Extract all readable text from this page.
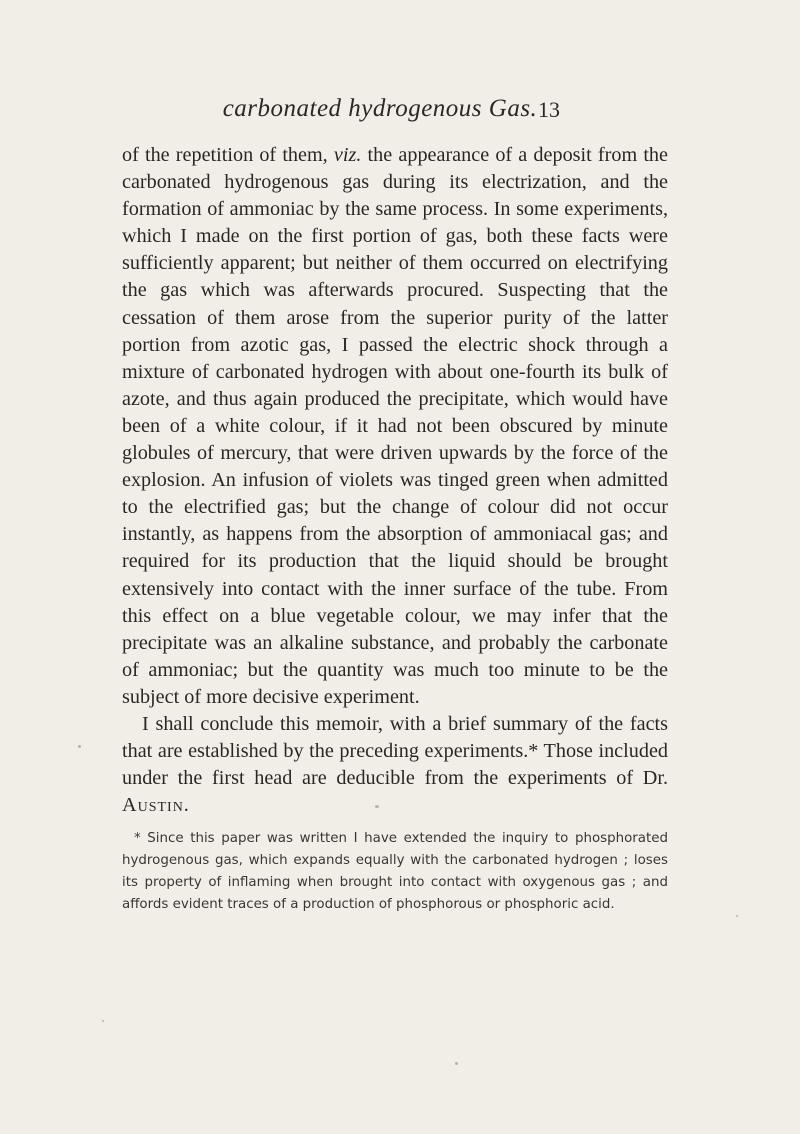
carbonated hydrogenous Gas. 13

of the repetition of them, viz. the appearance of a deposit from the carbonated hydrogenous gas during its electrization, and the formation of ammoniac by the same process. In some experiments, which I made on the first portion of gas, both these facts were sufficiently apparent; but neither of them occurred on electrifying the gas which was afterwards procured. Suspecting that the cessation of them arose from the superior purity of the latter portion from azotic gas, I passed the electric shock through a mixture of carbonated hydrogen with about one-fourth its bulk of azote, and thus again produced the precipitate, which would have been of a white colour, if it had not been obscured by minute globules of mercury, that were driven upwards by the force of the explosion. An infusion of violets was tinged green when admitted to the electrified gas; but the change of colour did not occur instantly, as happens from the absorption of ammoniacal gas; and required for its production that the liquid should be brought extensively into contact with the inner surface of the tube. From this effect on a blue vegetable colour, we may infer that the precipitate was an alkaline substance, and probably the carbonate of ammoniac; but the quantity was much too minute to be the subject of more decisive experiment.

I shall conclude this memoir, with a brief summary of the facts that are established by the preceding experiments.* Those included under the first head are deducible from the experiments of Dr. Austin.

* Since this paper was written I have extended the inquiry to phosphorated hydrogenous gas, which expands equally with the carbonated hydrogen ; loses its property of inflaming when brought into contact with oxygenous gas ; and affords evident traces of a production of phosphorous or phosphoric acid.
